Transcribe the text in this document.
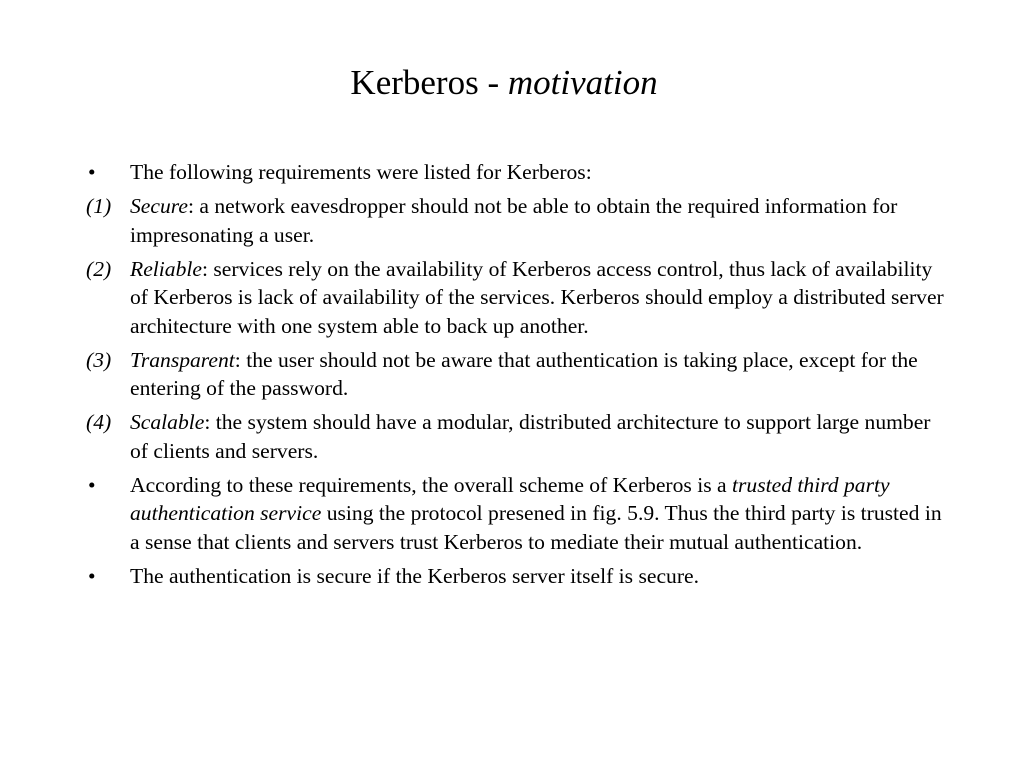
Kerberos - motivation
•	The following requirements were listed for Kerberos:
(1) Secure: a network eavesdropper should not be able to obtain the required information for impresonating a user.
(2) Reliable: services rely on the availability of Kerberos access control, thus lack of availability of Kerberos is lack of availability of the services. Kerberos should employ a distributed server architecture with one system able to back up another.
(3) Transparent: the user should not be aware that authentication is taking place, except for the entering of the password.
(4) Scalable: the system should have a modular, distributed architecture to support large number of clients and servers.
•	According to these requirements, the overall scheme of Kerberos is a trusted third party authentication service using the protocol presened in fig. 5.9. Thus the third party is trusted in a sense that clients and servers trust Kerberos to mediate their mutual authentication.
•	The authentication is secure if the Kerberos server itself is secure.
